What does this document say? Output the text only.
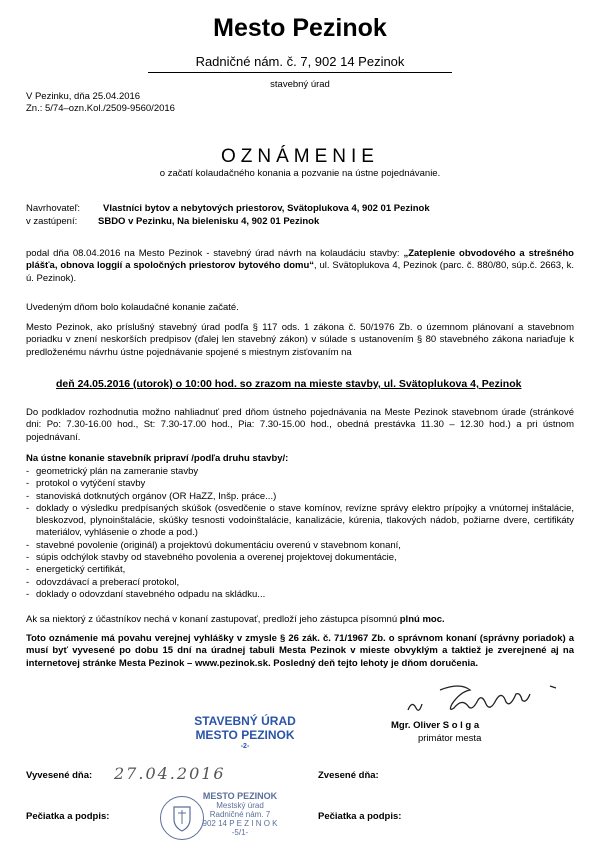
Mesto Pezinok
Radničné nám. č. 7, 902 14 Pezinok
stavebný úrad
V Pezinku, dňa 25.04.2016
Zn.: 5/74–ozn.Kol./2509-9560/2016
OZNÁMENIE
o začatí kolaudačného konania a pozvanie na ústne pojednávanie.
Navrhovateľ: Vlastníci bytov a nebytových priestorov, Svätoplukova 4, 902 01 Pezinok
v zastúpení: SBDO v Pezinku, Na bielenisku 4, 902 01 Pezinok
podal dňa 08.04.2016 na Mesto Pezinok - stavebný úrad návrh na kolaudáciu stavby: „Zateplenie obvodového a strešného plášťa, obnova loggií a spoločných priestorov bytového domu“, ul. Svätoplukova 4, Pezinok (parc. č. 880/80, súp.č. 2663, k. ú. Pezinok).
Uvedeným dňom bolo kolaudačné konanie začaté.
Mesto Pezinok, ako príslušný stavebný úrad podľa § 117 ods. 1 zákona č. 50/1976 Zb. o územnom plánovaní a stavebnom poriadku v znení neskorších predpisov (ďalej len stavebný zákon) v súlade s ustanovením § 80 stavebného zákona nariaďuje k predloženému návrhu ústne pojednávanie spojené s miestnym zisťovaním na
deň 24.05.2016 (utorok) o 10:00 hod. so zrazom na mieste stavby, ul. Svätoplukova 4, Pezinok
Do podkladov rozhodnutia možno nahliadnuť pred dňom ústneho pojednávania na Meste Pezinok stavebnom úrade (stránkové dni: Po: 7.30-16.00 hod., St: 7.30-17.00 hod., Pia: 7.30-15.00 hod., obedná prestávka 11.30 – 12.30 hod.) a pri ústnom pojednávaní.
Na ústne konanie stavebník pripraví /podľa druhu stavby/:
- geometrický plán na zameranie stavby
- protokol o vytýčení stavby
- stanoviská dotknutých orgánov (OR HaZZ, Inšp. práce...)
- doklady o výsledku predpísaných skúšok (osvedčenie o stave komínov, revízne správy elektro prípojky a vnútornej inštalácie, bleskozvod, plynoinštalácie, skúšky tesnosti vodoinštalácie, kanalizácie, kúrenia, tlakových nádob, požiarne dvere, certifikáty materiálov, vyhlásenie o zhode a pod.)
- stavebné povolenie (originál) a projektovú dokumentáciu overenú v stavebnom konaní,
- súpis odchýlok stavby od stavebného povolenia a overenej projektovej dokumentácie,
- energetický certifikát,
- odovzdávací a preberací protokol,
- doklady o odovzdaní stavebného odpadu na skládku...
Ak sa niektorý z účastníkov nechá v konaní zastupovať, predloží jeho zástupca písomnú plnú moc.
Toto oznámenie má povahu verejnej vyhlášky v zmysle § 26 zák. č. 71/1967 Zb. o správnom konaní (správny poriadok) a musí byť vyvesené po dobu 15 dní na úradnej tabuli Mesta Pezinok v mieste obvyklým a taktiež je zverejnené aj na internetovej stránke Mesta Pezinok – www.pezinok.sk. Posledný deň tejto lehoty je dňom doručenia.
STAVEBNÝ ÚRAD
MESTO PEZINOK
-2-
Mgr. Oliver S o l g a
primátor mesta
Vyvesené dňa: 27.04.2016	Zvesené dňa:
Pečiatka a podpis:	Pečiatka a podpis:
MESTO PEZINOK
Mestský úrad
Radničné nám. 7
902 14 P E Z I N O K
-5/1-
